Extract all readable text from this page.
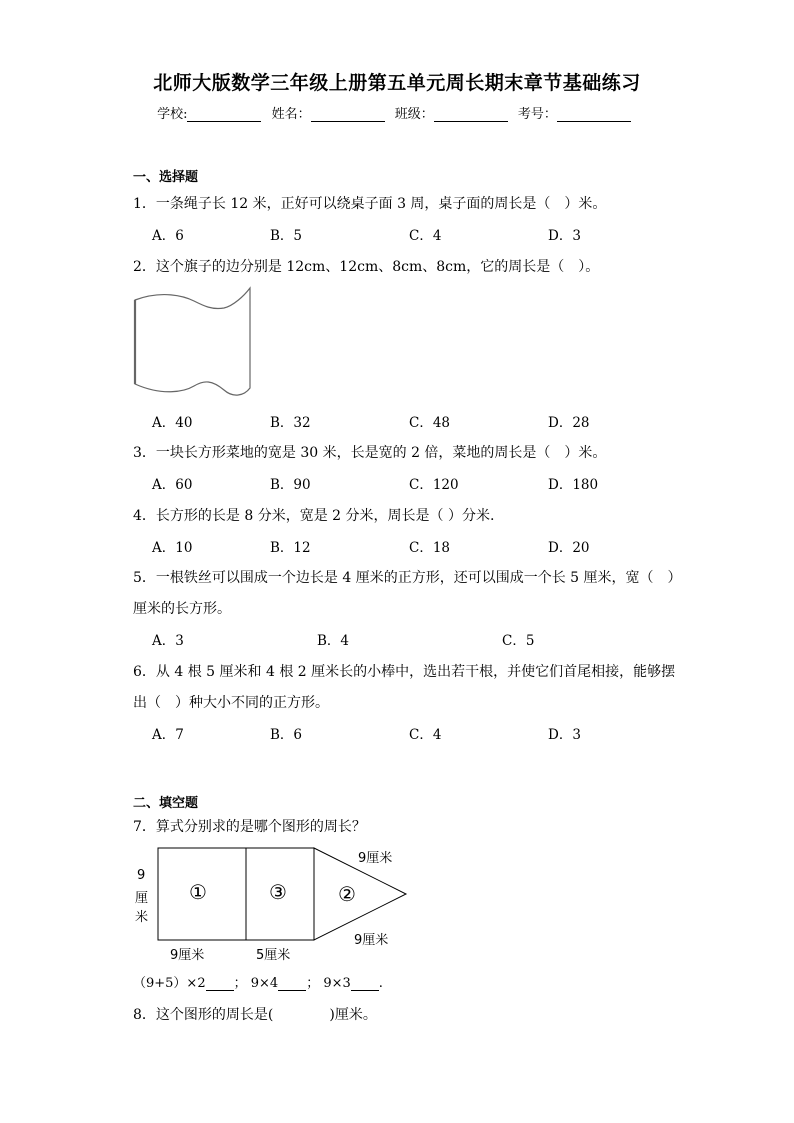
北师大版数学三年级上册第五单元周长期末章节基础练习
学校:	姓名：	班级：	考号：
一、选择题
1．一条绳子长 12 米，正好可以绕桌子面 3 周，桌子面的周长是（　）米。
A．6	B．5	C．4	D．3
2．这个旗子的边分别是 12cm、12cm、8cm、8cm，它的周长是（　）。
A．40	B．32	C．48	D．28
3．一块长方形菜地的宽是 30 米，长是宽的 2 倍，菜地的周长是（　）米。
A．60	B．90	C．120	D．180
4．长方形的长是 8 分米，宽是 2 分米，周长是（ ）分米.
A．10	B．12	C．18	D．20
5．一根铁丝可以围成一个边长是 4 厘米的正方形，还可以围成一个长 5 厘米，宽（　）
厘米的长方形。
A．3	B．4	C．5
6．从 4 根 5 厘米和 4 根 2 厘米长的小棒中，选出若干根，并使它们首尾相接，能够摆
出（　）种大小不同的正方形。
A．7	B．6	C．4	D．3
二、填空题
7．算式分别求的是哪个图形的周长？
9
厘
米
①	③	②
9厘米	5厘米
9厘米
9厘米
（9+5）×2 ； 9×4 ； 9×3 .
8．这个图形的周长是(　　　　)厘米。
